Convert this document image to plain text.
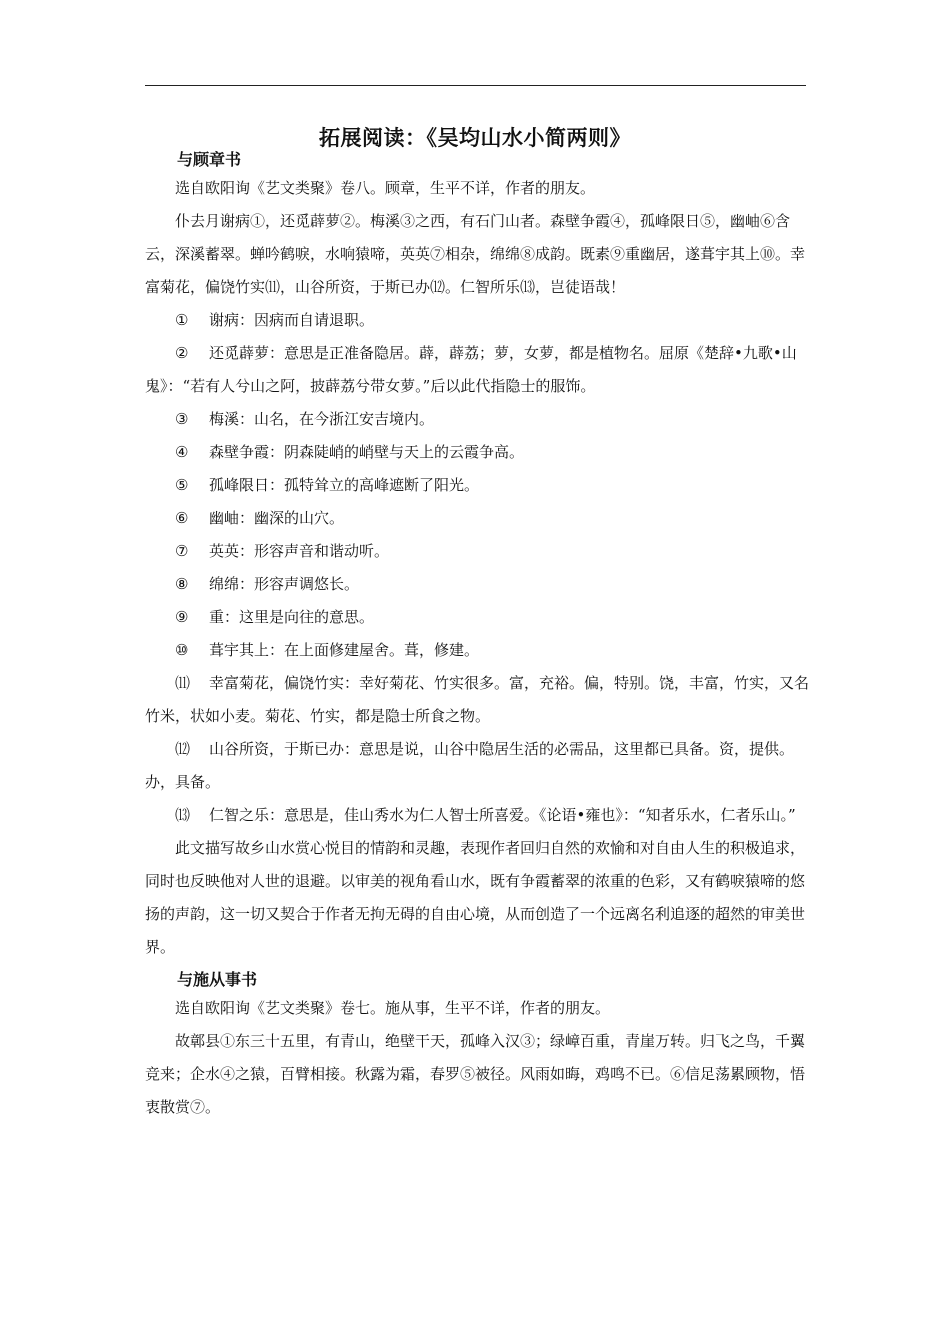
拓展阅读：《吴均山水小简两则》
与顾章书

选自欧阳询《艺文类聚》卷八。顾章，生平不详，作者的朋友。

仆去月谢病①，还觅薜萝②。梅溪③之西，有石门山者。森壁争霞④，孤峰限日⑤，幽岫⑥含云，深溪蓄翠。蝉吟鹤唳，水响猿啼，英英⑦相杂，绵绵⑧成韵。既素⑨重幽居，遂葺宇其上⑩。幸富菊花，偏饶竹实⑾，山谷所资，于斯已办⑿。仁智所乐⒀，岂徒语哉！

① 谢病：因病而自请退职。

② 还觅薜萝：意思是正准备隐居。薜，薜荔；萝，女萝，都是植物名。屈原《楚辞•九歌•山鬼》：“若有人兮山之阿，披薜荔兮带女萝。”后以此代指隐士的服饰。

③ 梅溪：山名，在今浙江安吉境内。

④ 森壁争霞：阴森陡峭的峭壁与天上的云霞争高。

⑤ 孤峰限日：孤特耸立的高峰遮断了阳光。

⑥ 幽岫：幽深的山穴。

⑦ 英英：形容声音和谐动听。

⑧ 绵绵：形容声调悠长。

⑨ 重：这里是向往的意思。

⑩ 葺宇其上：在上面修建屋舍。葺，修建。

⑾ 幸富菊花，偏饶竹实：幸好菊花、竹实很多。富，充裕。偏，特别。饶，丰富，竹实，又名竹米，状如小麦。菊花、竹实，都是隐士所食之物。

⑿ 山谷所资，于斯已办：意思是说，山谷中隐居生活的必需品，这里都已具备。资，提供。办，具备。

⒀ 仁智之乐：意思是，佳山秀水为仁人智士所喜爱。《论语•雍也》：“知者乐水，仁者乐山。”

此文描写故乡山水赏心悦目的情韵和灵趣，表现作者回归自然的欢愉和对自由人生的积极追求，同时也反映他对人世的退避。以审美的视角看山水，既有争霞蓄翠的浓重的色彩，又有鹤唳猿啼的悠扬的声韵，这一切又契合于作者无拘无碍的自由心境，从而创造了一个远离名利追逐的超然的审美世界。

与施从事书

选自欧阳询《艺文类聚》卷七。施从事，生平不详，作者的朋友。

故鄣县①东三十五里，有青山，绝壁干天，孤峰入汉③；绿嶂百重，青崖万转。归飞之鸟，千翼竞来；企水④之猿，百臂相接。秋露为霜，春罗⑤被径。风雨如晦，鸡鸣不已。⑥信足荡累顾物，悟衷散赏⑦。
